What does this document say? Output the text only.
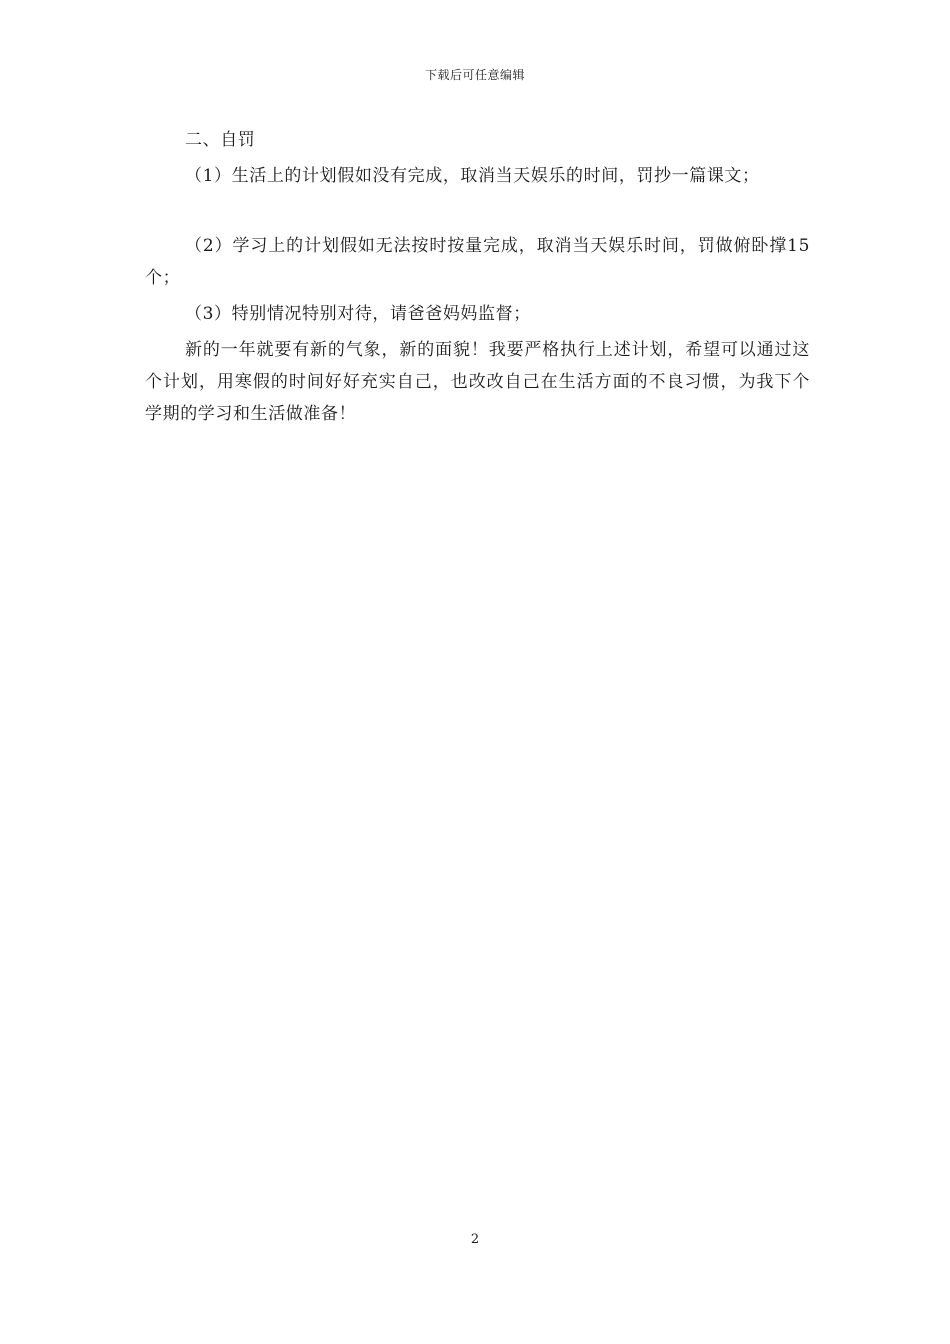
下载后可任意编辑

二、自罚

（1）生活上的计划假如没有完成，取消当天娱乐的时间，罚抄一篇课文；

（2）学习上的计划假如无法按时按量完成，取消当天娱乐时间，罚做俯卧撑15个；

（3）特别情况特别对待，请爸爸妈妈监督；

新的一年就要有新的气象，新的面貌！我要严格执行上述计划，希望可以通过这个计划，用寒假的时间好好充实自己，也改改自己在生活方面的不良习惯，为我下个学期的学习和生活做准备！

2
